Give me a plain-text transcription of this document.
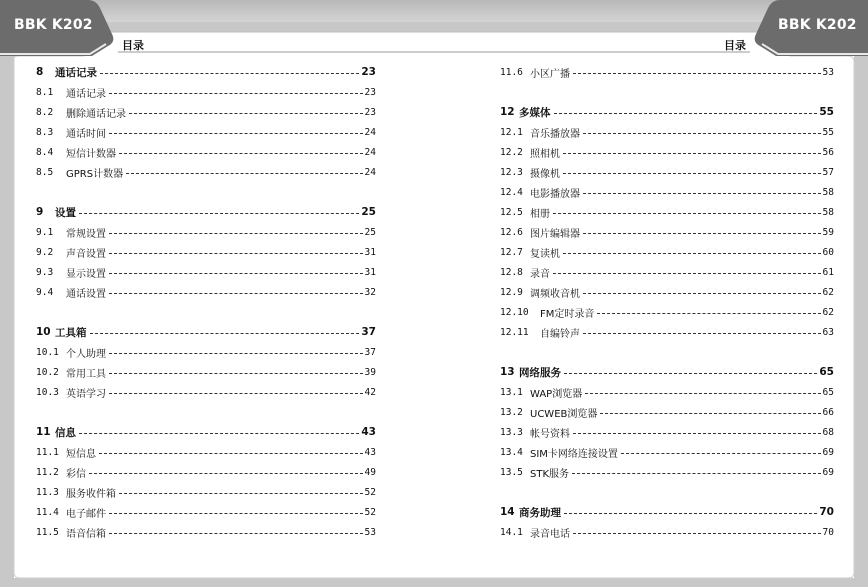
BBK K202	BBK K202
目录	目录
8	通话记录	23
8.1	通话记录	23
8.2	删除通话记录	23
8.3	通话时间	24
8.4	短信计数器	24
8.5	GPRS计数器	24
9	设置	25
9.1	常规设置	25
9.2	声音设置	31
9.3	显示设置	31
9.4	通话设置	32
10 工具箱	37
10.1 个人助理	37
10.2 常用工具	39
10.3 英语学习	42
11 信息	43
11.1 短信息	43
11.2 彩信	49
11.3 服务收件箱	52
11.4 电子邮件	52
11.5 语音信箱	53
11.6 小区广播	53
12 多媒体	55
12.1 音乐播放器	55
12.2 照相机	56
12.3 摄像机	57
12.4 电影播放器	58
12.5 相册	58
12.6 图片编辑器	59
12.7 复读机	60
12.8 录音	61
12.9 调频收音机	62
12.10	FM定时录音	62
12.11	自编铃声	63
13 网络服务	65
13.1 WAP浏览器	65
13.2 UCWEB浏览器	66
13.3 帐号资料	68
13.4 SIM卡网络连接设置	69
13.5 STK服务	69
14 商务助理	70
14.1 录音电话	70
